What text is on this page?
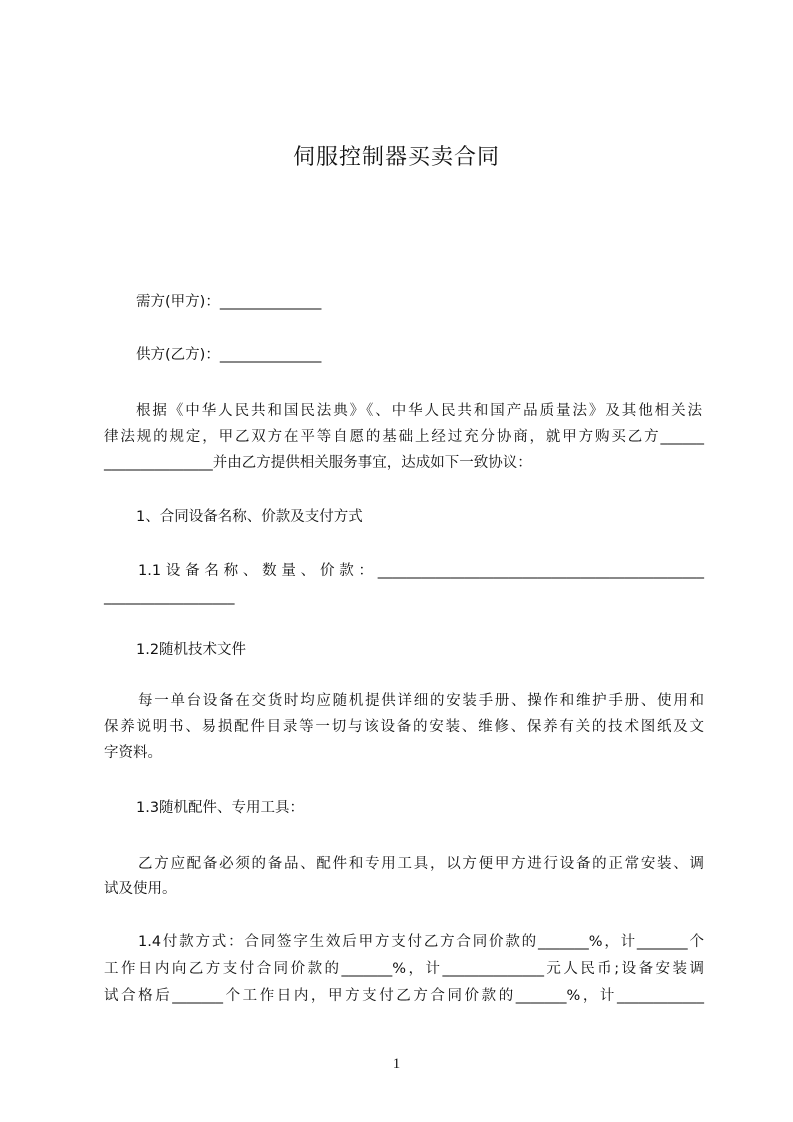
伺服控制器买卖合同
需方(甲方)：______________
供方(乙方)：______________
根据《中华人民共和国民法典》《、中华人民共和国产品质量法》及其他相关法
律法规的规定，甲乙双方在平等自愿的基础上经过充分协商，就甲方购买乙方______
_______________并由乙方提供相关服务事宜，达成如下一致协议：
1、合同设备名称、价款及支付方式
1.1设备名称、数量、价款：_____________________________________________
__________________
1.2随机技术文件
每一单台设备在交货时均应随机提供详细的安装手册、操作和维护手册、使用和
保养说明书、易损配件目录等一切与该设备的安装、维修、保养有关的技术图纸及文
字资料。
1.3随机配件、专用工具：
乙方应配备必须的备品、配件和专用工具，以方便甲方进行设备的正常安装、调
试及使用。
1.4付款方式：合同签字生效后甲方支付乙方合同价款的_______%，计_______个
工作日内向乙方支付合同价款的_______%，计______________元人民币;设备安装调
试合格后_______个工作日内，甲方支付乙方合同价款的_______%，计____________
1
